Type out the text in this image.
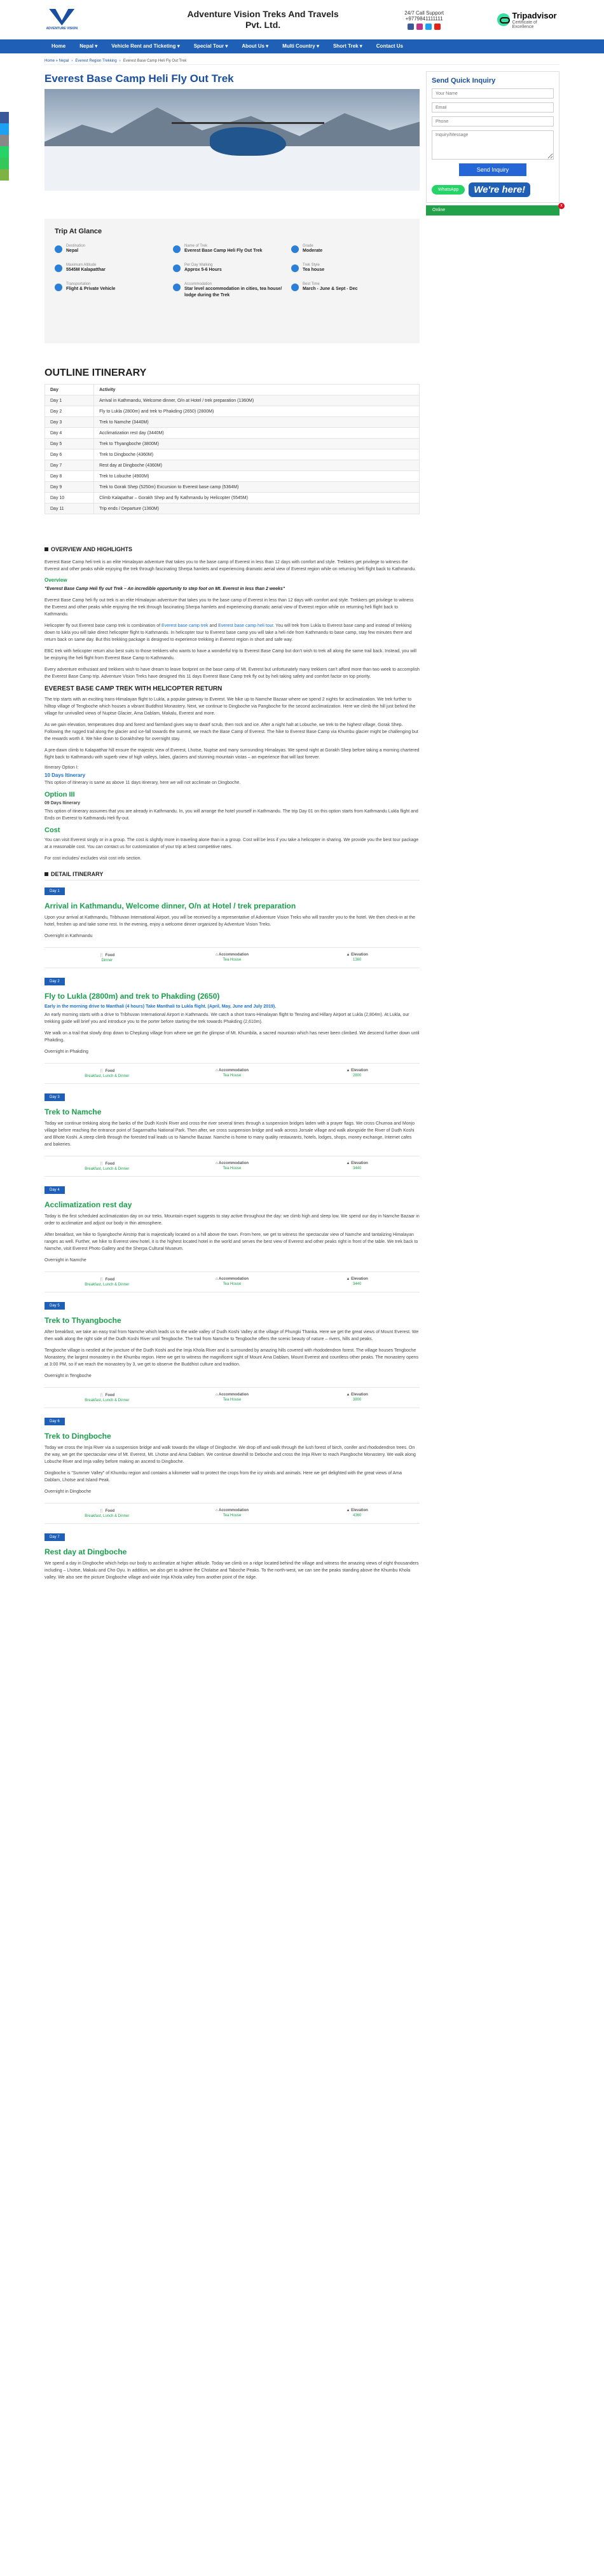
ADVENTURE VISION
Adventure Vision Treks And Travels Pvt. Ltd.
24/7 Call Support
+9779841111111	Tripadvisor
Certificate of Excellence
Home	Nepal ▾	Vehicle Rent and Ticketing ▾	Special Tour ▾	About Us ▾	Multi Country ▾	Short Trek ▾	Contact Us
Home » Nepal › Everest Region Trekking › Everest Base Camp Heli Fly Out Trek
Everest Base Camp Heli Fly Out Trek
Trip At Glance
Destination
Nepal
Name of Trek
Everest Base Camp Heli Fly Out Trek
Grade
Moderate
Maximum Altitude
5545M Kalapatthar
Per Day Walking
Approx 5-6 Hours
Trek Style
Tea house
Transportation
Flight & Private Vehicle
Accommodation
Star level accommodation in cities, tea house/ lodge during the Trek
Best Time
March - June & Sept - Dec
OUTLINE ITINERARY
Day	Activity
Day 1	Arrival in Kathmandu, Welcome dinner, O/n at Hotel / trek preparation (1360M)
Day 2	Fly to Lukla (2800m) and trek to Phakding (2650) (2800M)
Day 3	Trek to Namche (3440M)
Day 4	Acclimatization rest day (3440M)
Day 5	Trek to Thyangboche (3800M)
Day 6	Trek to Dingboche (4360M)
Day 7	Rest day at Dingboche (4360M)
Day 8	Trek to Lobuche (4900M)
Day 9	Trek to Gorak Shep (5250m) Excursion to Everest base camp (5364M)
Day 10	Climb Kalapathar – Gorakh Shep and fly Kathmandu by Helicopter (5545M)
Day 11	Trip ends / Departure (1360M)
OVERVIEW AND HIGHLIGHTS

Everest Base Camp heli trek is an elite Himalayan adventure that takes you to the base camp of Everest in less than 12 days with comfort and style. Trekkers get privilege to witness the Everest and other peaks while enjoying the trek through fascinating Sherpa hamlets and experiencing dramatic aerial view of Everest region while on returning heli flight back to Kathmandu.

Overview

"Everest Base Camp Heli fly out Trek – An incredible opportunity to step foot on Mt. Everest in less than 2 weeks"

Everest Base Camp heli fly out trek is an elite Himalayan adventure that takes you to the base camp of Everest in less than 12 days with comfort and style. Trekkers get privilege to witness the Everest and other peaks while enjoying the trek through fascinating Sherpa hamlets and experiencing dramatic aerial view of Everest region while on returning heli flight back to Kathmandu.

Helicopter fly out Everest base camp trek is combination of Everest base camp trek and Everest base camp heli tour. You will trek from Lukla to Everest base camp and instead of trekking down to lukla you will take direct helicopter flight to Kathmandu. In helicopter tour to Everest base camp you will take a heli ride from Kathmandu to base camp, stay few minutes there and return back on same day. But this trekking package is designed to experience trekking in Everest region in short and safe way.

EBC trek with helicopter return also best suits to those trekkers who wants to have a wonderful trip to Everest Base Camp but don't wish to trek all along the same trail back. Instead, you will be enjoying the heli flight from Everest Base Camp to Kathmandu.

Every adventure enthusiast and trekkers wish to have dream to leave footprint on the base camp of Mt. Everest but unfortunately many trekkers can't afford more than two week to accomplish the Everest Base Camp trip. Adventure Vision Treks have designed this 11 days Everest Base Camp trek fly out by heli taking safety and comfort factor on top priority.

EVEREST BASE CAMP TREK WITH HELICOPTER RETURN

The trip starts with an exciting trans-Himalayan flight to Lukla, a popular gateway to Everest. We hike up to Namche Bazaar where we spend 2 nights for acclimatization. We trek further to hilltop village of Tengboche which houses a vibrant Buddhist Monastery. Next, we continue to Dingboche via Pangboche for the second acclimatization. Here we climb the hill just behind the village for unrivalled views of Nuptse Glacier, Ama Dablam, Makalu, Everest and more.

As we gain elevation, temperatures drop and forest and farmland gives way to dwarf scrub, then rock and ice. After a night halt at Lobuche, we trek to the highest village, Gorak Shep. Following the rugged trail along the glacier and ice-fall towards the summit, we reach the Base Camp of Everest. The hike to Everest Base Camp via Khumbu glacier might be challenging but the rewards worth it. We hike down to Gorakhshep for overnight stay.

A pre-dawn climb to Kalapatthar hill ensure the majestic view of Everest, Lhotse, Nuptse and many surrounding Himalayas. We spend night at Gorakh Shep before taking a morning chartered flight back to Kathmandu with superb view of high valleys, lakes, glaciers and stunning mountain vistas – an experience that will last forever.

Itinerary Option I:
10 Days Itinerary

This option of itinerary is same as above 11 days itinerary, here we will not acclimate on Dingboche.

Option III
09 Days Itinerary

This option of itinerary assumes that you are already in Kathmandu. In, you will arrange the hotel yourself in Kathmandu. The trip Day 01 on this option starts from Kathmandu Lukla flight and Ends on Everest to Kathmandu Heli fly-out.

Cost

You can visit Everest singly or in a group. The cost is slightly more in traveling alone than in a group. Cost will be less if you take a helicopter in sharing. We provide you the best tour package at a reasonable cost. You can contact us for customization of your trip at best competitive rates.

For cost includes/ excludes visit cost info section.

DETAIL ITINERARY
Day 1
Arrival in Kathmandu, Welcome dinner, O/n at Hotel / trek preparation

Upon your arrival at Kathmandu, Tribhuvan International Airport, you will be received by a representative of Adventure Vision Treks who will transfer you to the hotel. We then check-in at the hotel, freshen up and take some rest. In the evening, enjoy a welcome dinner organized by Adventure Vision Treks.

Overnight in Kathmandu

🍴 Food
Dinner
⌂ Accommodation
Tea House
▲ Elevation
1360
Day 2
Fly to Lukla (2800m) and trek to Phakding (2650)
Early in the morning drive to Manthali (4 hours) Take Manthali to Lukla flight. (April, May, June and July 2019).

An early morning starts with a drive to Tribhuvan International Airport in Kathmandu. We catch a short trans-Himalayan flight to Tenzing and Hillary Airport at Lukla (2,804m). At Lukla, our trekking guide will brief you and introduce you to the porter before starting the trek towards Phakding (2,610m).

We walk on a trail that slowly drop down to Cheplung village from where we get the glimpse of Mt. Khumbila, a sacred mountain which has never been climbed. We descend further down until Phakding.

Overnight in Phakding

🍴 Food
Breakfast, Lunch & Dinner
⌂ Accommodation
Tea House
▲ Elevation
2800
Day 3
Trek to Namche

Today we continue trekking along the banks of the Dudh Koshi River and cross the river several times through a suspension bridges laden with a prayer flags. We cross Chumoa and Monjo village before reaching the entrance point of Sagarmatha National Park. Then after, we cross suspension bridge and walk across Jorsale village and walk alongside the River of Dudh Koshi and Bhote Koshi. A steep climb through the forested trail leads us to Namche Bazaar. Namche is home to many quality restaurants, hotels, lodges, shops, money exchange, Internet cafes and bakeries.

🍴 Food
Breakfast, Lunch & Dinner
⌂ Accommodation
Tea House
▲ Elevation
3440
Day 4
Acclimatization rest day

Today is the first scheduled acclimatization day on our treks. Mountain expert suggests to stay active throughout the day: we climb high and sleep low. We spend our day in Namche Bazaar in order to acclimatize and adjust our body in thin atmosphere.

After breakfast, we hike to Syangboche Airstrip that is majestically located on a hill above the town. From here, we get to witness the spectacular view of Namche and tantalizing Himalayan ranges as well. Further, we hike to Everest view hotel, it is the highest located hotel in the world and serves the best view of Everest and other peaks right in front of the table. We trek back to Namche, visit Everest Photo Gallery and the Sherpa Cultural Museum.

Overnight in Namche

🍴 Food
Breakfast, Lunch & Dinner
⌂ Accommodation
Tea House
▲ Elevation
3440
Day 5
Trek to Thyangboche

After breakfast, we take an easy trail from Namche which leads us to the wide valley of Dudh Koshi Valley at the village of Phungki Thanka. Here we get the great views of Mount Everest. We then walk along the right side of the Dudh Koshi River until Tengboche. The trail from Namche to Tengboche offers the scenic beauty of nature – rivers, hills and peaks.

Tengboche village is nestled at the juncture of the Dudh Koshi and the Imja Khola River and is surrounded by amazing hills covered with rhododendron forest. The village houses Tengboche Monastery, the largest monastery in the Khumbu region. Here we get to witness the magnificent sight of Mount Ama Dablam, Mount Everest and countless other peaks. The monastery opens at 3:00 PM, so if we reach the monastery by 3, we get to observe the Buddhist culture and tradition.

Overnight in Tengboche

🍴 Food
Breakfast, Lunch & Dinner
⌂ Accommodation
Tea House
▲ Elevation
3800
Day 6
Trek to Dingboche

Today we cross the Imja River via a suspension bridge and walk towards the village of Dingboche. We drop off and walk through the lush forest of birch, conifer and rhododendron trees. On the way, we get the spectacular view of Mt. Everest, Mt. Lhotse and Ama Dablam. We continue downhill to Deboche and cross the Imja River to reach Pangboche Monastery. We walk along Lobuche River and Imja valley before making an ascend to Dingboche.

Dingboche is "Summer Valley" of Khumbu region and contains a kilometer wall to protect the crops from the icy winds and animals. Here we get delighted with the great views of Ama Dablam, Lhotse and Island Peak.

Overnight in Dingboche

🍴 Food
Breakfast, Lunch & Dinner
⌂ Accommodation
Tea House
▲ Elevation
4360
Day 7
Rest day at Dingboche

We spend a day in Dingboche which helps our body to acclimatize at higher altitude. Today we climb on a ridge located behind the village and witness the amazing views of eight thousanders including – Lhotse, Makalu and Cho Oyu. In addition, we also get to admire the Cholatse and Taboche Peaks. To the north-west, we can see the peaks standing above the Khumbu Khola valley. We also see the picture Dingboche village and wide Imja Khola valley from another point of the ridge.

Send Quick Inquiry
Your Name
Email
Phone
Inquiry/Message
Send Inquiry
WhatsApp	We're here!
Online
x
